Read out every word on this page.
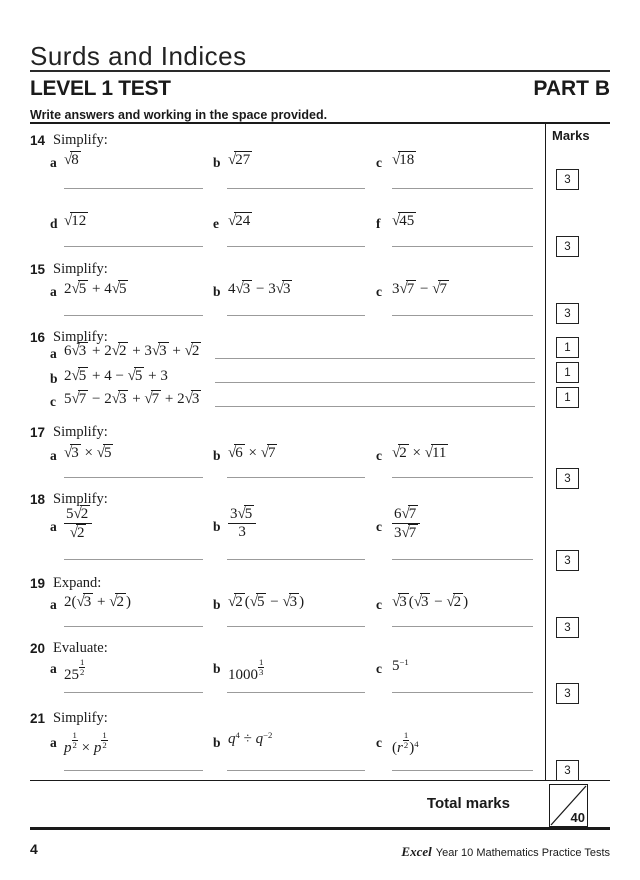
Surds and Indices
LEVEL 1 TEST	PART B
Write answers and working in the space provided.
Marks
14 Simplify:
a √8	b √27	c √18
3
d √12	e √24	f √45
3
15 Simplify:
a 2√5 + 4√5	b 4√3 − 3√3	c 3√7 − √7
3
16 Simplify:
a 6√3 + 2√2 + 3√3 + √2	1
b 2√5 + 4 − √5 + 3	1
c 5√7 − 2√3 + √7 + 2√3	1
17 Simplify:
a √3 × √5	b √6 × √7	c √2 × √11
3
18 Simplify:
a $\frac{5√2}{√2}$	b $\frac{3√5}{3}$	c $\frac{6√7}{3√7}$
3
19 Expand:
a 2(√3 + √2 )	b √2 (√5 − √3 )	c √3 (√3 − √2 )
3
20 Evaluate:
a 25 $^{\frac{1}{2}}$	b 1000 $^{\frac{1}{3}}$	c $5^{-1}$
3
21 Simplify:
a p $^{\frac{1}{2}}$ × p $^{\frac{1}{2}}$	b $q^4 \div q^{-2}$
c (r $^{\frac{1}{2}}$ )$^4$
3
Total marks
40
4	Excel Year 10 Mathematics Practice Tests
